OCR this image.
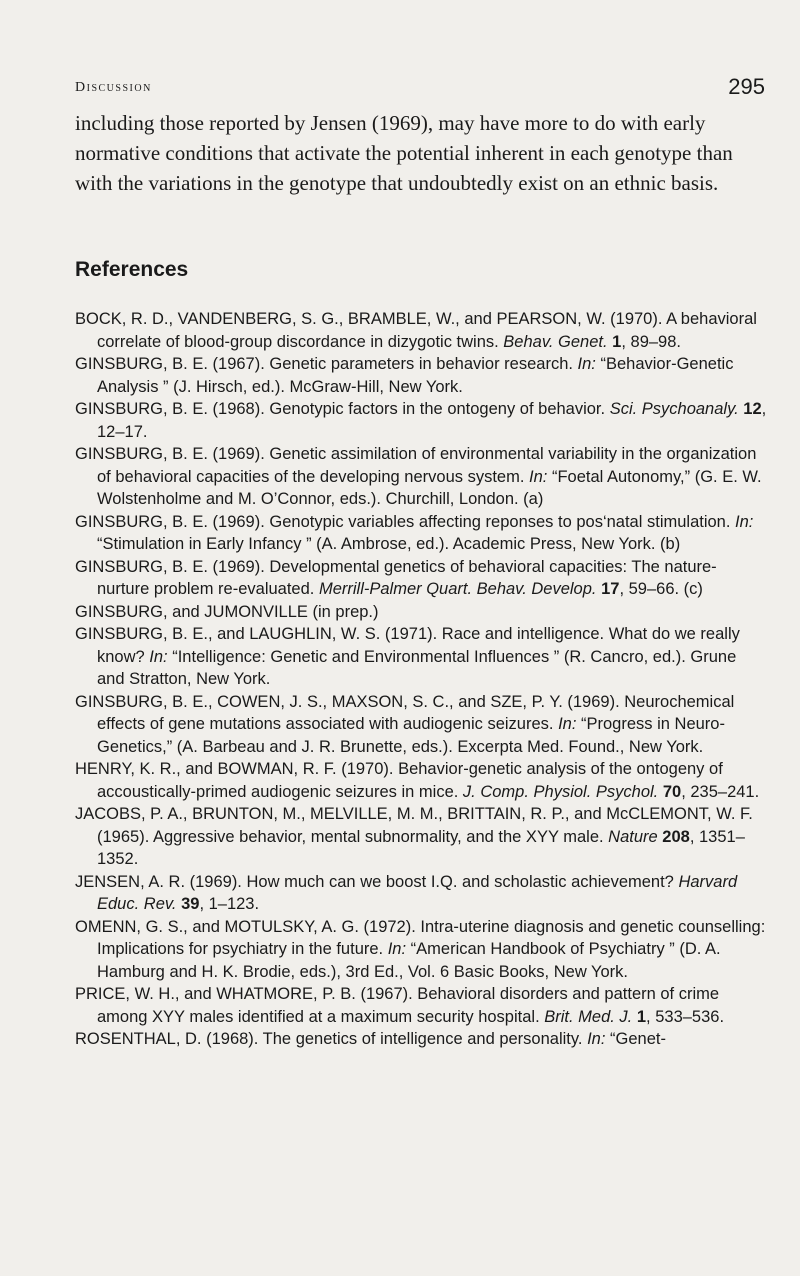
Discussion	295

including those reported by Jensen (1969), may have more to do with early normative conditions that activate the potential inherent in each genotype than with the variations in the genotype that undoubtedly exist on an ethnic basis.

References
BOCK, R. D., VANDENBERG, S. G., BRAMBLE, W., and PEARSON, W. (1970). A behavioral correlate of blood-group discordance in dizygotic twins. Behav. Genet. 1, 89–98.
GINSBURG, B. E. (1967). Genetic parameters in behavior research. In: “Behavior-Genetic Analysis ” (J. Hirsch, ed.). McGraw-Hill, New York.
GINSBURG, B. E. (1968). Genotypic factors in the ontogeny of behavior. Sci. Psychoanaly. 12, 12–17.
GINSBURG, B. E. (1969). Genetic assimilation of environmental variability in the organization of behavioral capacities of the developing nervous system. In: “Foetal Autonomy,” (G. E. W. Wolstenholme and M. O’Connor, eds.). Churchill, London. (a)
GINSBURG, B. E. (1969). Genotypic variables affecting reponses to pos‘natal stimulation. In: “Stimulation in Early Infancy ” (A. Ambrose, ed.). Academic Press, New York. (b)
GINSBURG, B. E. (1969). Developmental genetics of behavioral capacities: The nature-nurture problem re-evaluated. Merrill-Palmer Quart. Behav. Develop. 17, 59–66. (c)
GINSBURG, and JUMONVILLE (in prep.)
GINSBURG, B. E., and LAUGHLIN, W. S. (1971). Race and intelligence. What do we really know? In: “Intelligence: Genetic and Environmental Influences ” (R. Cancro, ed.). Grune and Stratton, New York.
GINSBURG, B. E., COWEN, J. S., MAXSON, S. C., and SZE, P. Y. (1969). Neurochemical effects of gene mutations associated with audiogenic seizures. In: “Progress in Neuro-Genetics,” (A. Barbeau and J. R. Brunette, eds.). Excerpta Med. Found., New York.
HENRY, K. R., and BOWMAN, R. F. (1970). Behavior-genetic analysis of the ontogeny of accoustically-primed audiogenic seizures in mice. J. Comp. Physiol. Psychol. 70, 235–241.
JACOBS, P. A., BRUNTON, M., MELVILLE, M. M., BRITTAIN, R. P., and McCLEMONT, W. F. (1965). Aggressive behavior, mental subnormality, and the XYY male. Nature 208, 1351–1352.
JENSEN, A. R. (1969). How much can we boost I.Q. and scholastic achievement? Harvard Educ. Rev. 39, 1–123.
OMENN, G. S., and MOTULSKY, A. G. (1972). Intra-uterine diagnosis and genetic counselling: Implications for psychiatry in the future. In: “American Handbook of Psychiatry ” (D. A. Hamburg and H. K. Brodie, eds.), 3rd Ed., Vol. 6 Basic Books, New York.
PRICE, W. H., and WHATMORE, P. B. (1967). Behavioral disorders and pattern of crime among XYY males identified at a maximum security hospital. Brit. Med. J. 1, 533–536.
ROSENTHAL, D. (1968). The genetics of intelligence and personality. In: “Genet-
